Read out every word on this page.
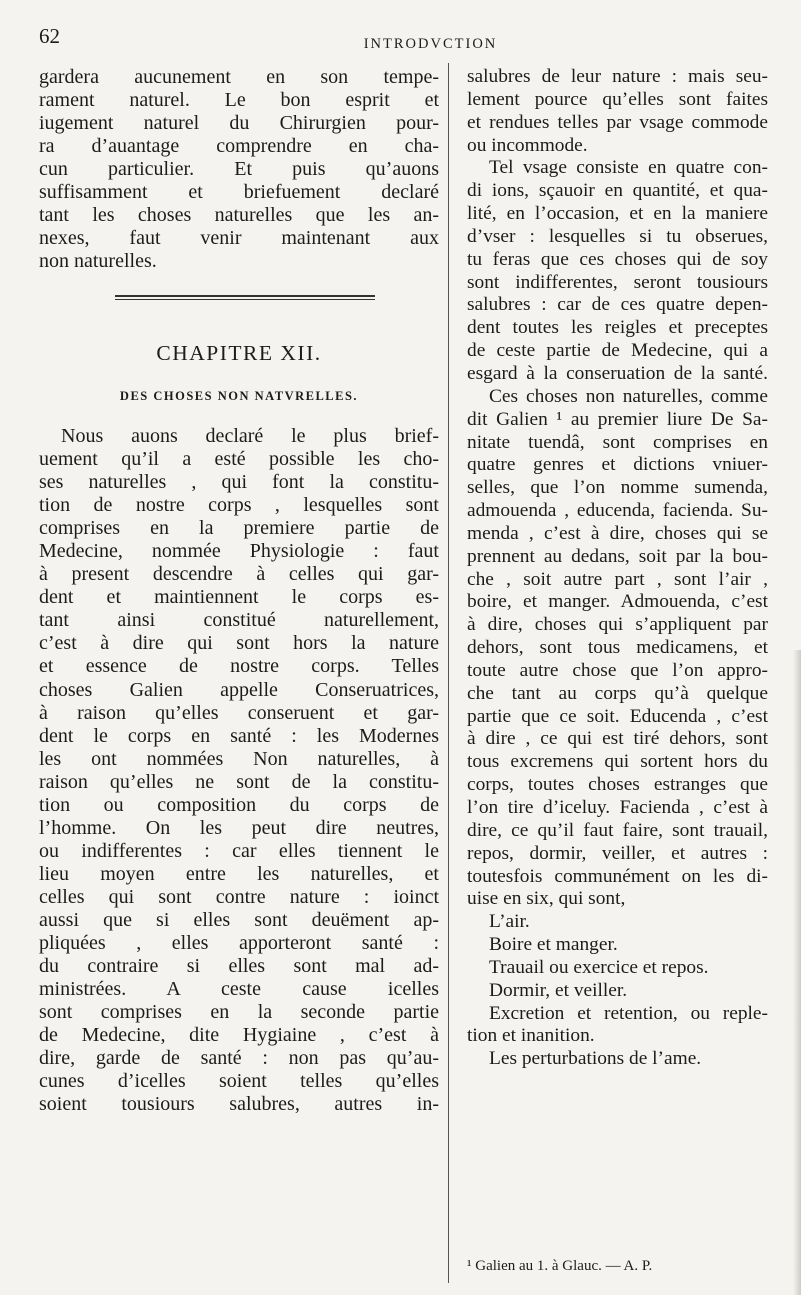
62	INTRODVCTION
gardera aucunement en son tempe-
rament naturel. Le bon esprit et
iugement naturel du Chirurgien pour-
ra d’auantage comprendre en cha-
cun particulier. Et puis qu’auons
suffisamment et briefuement declaré
tant les choses naturelles que les an-
nexes, faut venir maintenant aux
non naturelles.
CHAPITRE XII.
DES CHOSES NON NATVRELLES.
Nous auons declaré le plus brief-
uement qu’il a esté possible les cho-
ses naturelles , qui font la constitu-
tion de nostre corps , lesquelles sont
comprises en la premiere partie de
Medecine, nommée Physiologie : faut
à present descendre à celles qui gar-
dent et maintiennent le corps es-
tant ainsi constitué naturellement,
c’est à dire qui sont hors la nature
et essence de nostre corps. Telles
choses Galien appelle Conseruatrices,
à raison qu’elles conseruent et gar-
dent le corps en santé : les Modernes
les ont nommées Non naturelles, à
raison qu’elles ne sont de la constitu-
tion ou composition du corps de
l’homme. On les peut dire neutres,
ou indifferentes : car elles tiennent le
lieu moyen entre les naturelles, et
celles qui sont contre nature : ioinct
aussi que si elles sont deuëment ap-
pliquées , elles apporteront santé :
du contraire si elles sont mal ad-
ministrées. A ceste cause icelles
sont comprises en la seconde partie
de Medecine, dite Hygiaine , c’est à
dire, garde de santé : non pas qu’au-
cunes d’icelles soient telles qu’elles
soient tousiours salubres, autres in-
salubres de leur nature : mais seu-
lement pource qu’elles sont faites
et rendues telles par vsage commode
ou incommode.
Tel vsage consiste en quatre con-
di ions, sçauoir en quantité, et qua-
lité, en l’occasion, et en la maniere
d’vser : lesquelles si tu obserues,
tu feras que ces choses qui de soy
sont indifferentes, seront tousiours
salubres : car de ces quatre depen-
dent toutes les reigles et preceptes
de ceste partie de Medecine, qui a
esgard à la conseruation de la santé.
Ces choses non naturelles, comme
dit Galien ¹ au premier liure De Sa-
nitate tuendâ, sont comprises en
quatre genres et dictions vniuer-
selles, que l’on nomme sumenda,
admouenda , educenda, facienda. Su-
menda , c’est à dire, choses qui se
prennent au dedans, soit par la bou-
che , soit autre part , sont l’air ,
boire, et manger. Admouenda, c’est
à dire, choses qui s’appliquent par
dehors, sont tous medicamens, et
toute autre chose que l’on appro-
che tant au corps qu’à quelque
partie que ce soit. Educenda , c’est
à dire , ce qui est tiré dehors, sont
tous excremens qui sortent hors du
corps, toutes choses estranges que
l’on tire d’iceluy. Facienda , c’est à
dire, ce qu’il faut faire, sont trauail,
repos, dormir, veiller, et autres :
toutesfois communément on les di-
uise en six, qui sont,
L’air.
Boire et manger.
Trauail ou exercice et repos.
Dormir, et veiller.
Excretion et retention, ou reple-
tion et inanition.
Les perturbations de l’ame.
¹ Galien au 1. à Glauc. — A. P.
